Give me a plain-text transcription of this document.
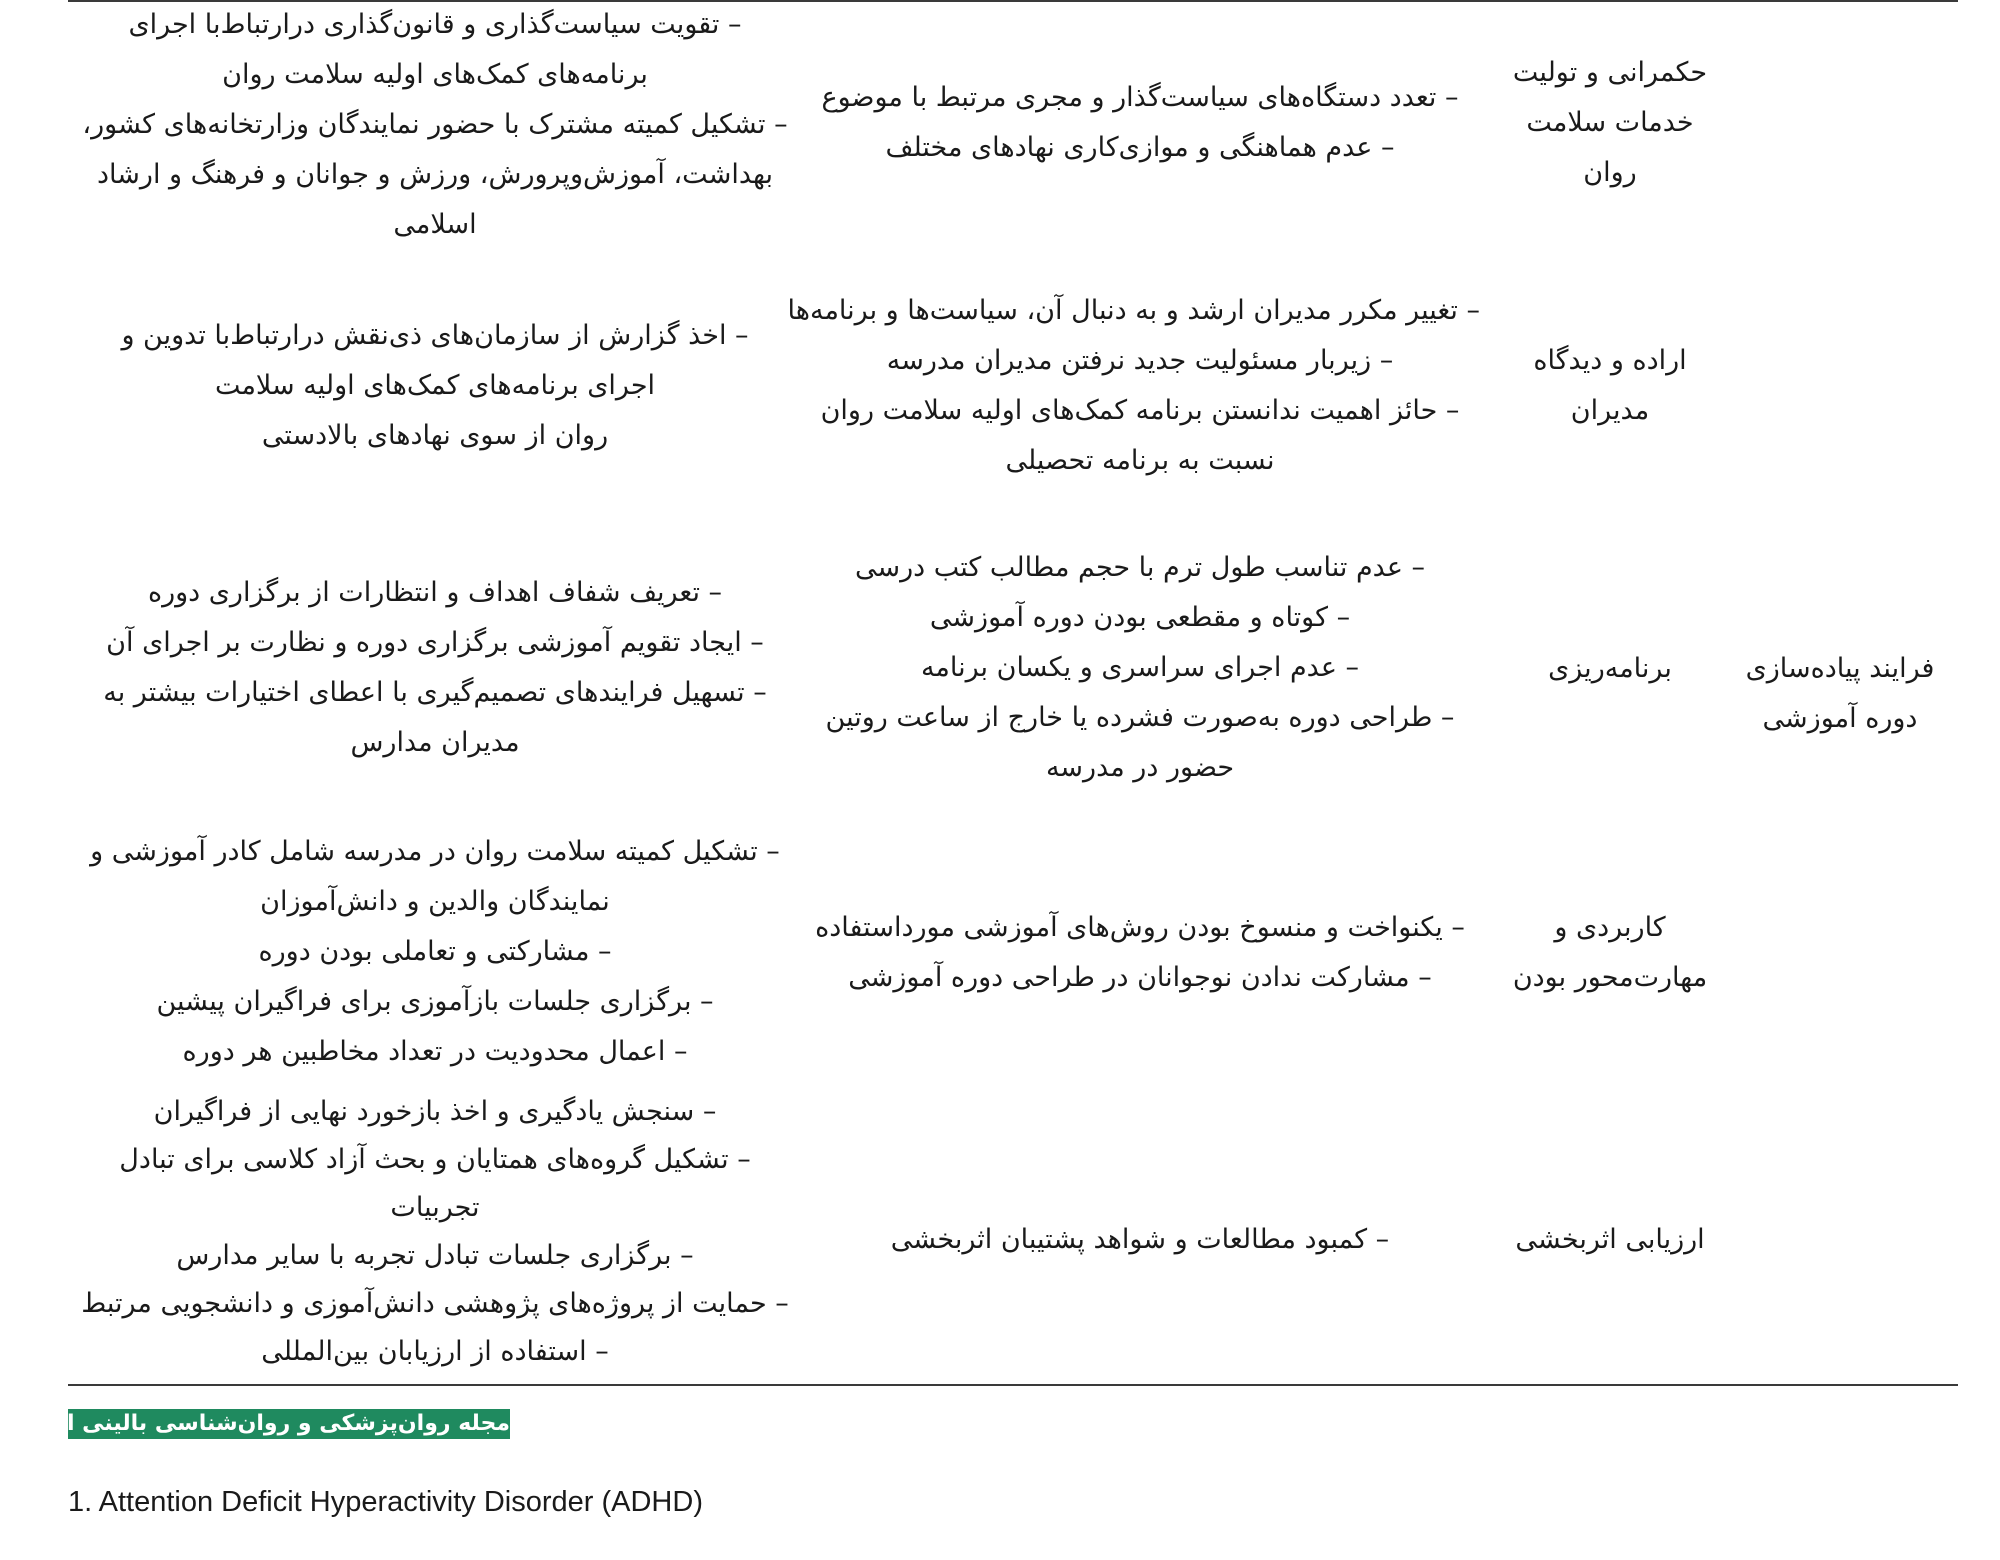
حکمرانی و تولیت
خدمات سلامت
روان
– تعدد دستگاه‌های سیاست‌گذار و مجری مرتبط با موضوع
– عدم هماهنگی و موازی‌کاری نهادهای مختلف
– تقویت سیاست‌گذاری و قانون‌گذاری درارتباط‌با اجرای
برنامه‌های کمک‌های اولیه سلامت روان
– تشکیل کمیته مشترک با حضور نمایندگان وزارتخانه‌های کشور،
بهداشت، آموزش‌وپرورش، ورزش و جوانان و فرهنگ و ارشاد
اسلامی
اراده و دیدگاه
مدیران
– تغییر مکرر مدیران ارشد و به دنبال آن، سیاست‌ها و برنامه‌ها
– زیربار مسئولیت جدید نرفتن مدیران مدرسه
– حائز اهمیت ندانستن برنامه کمک‌های اولیه سلامت روان
نسبت به برنامه تحصیلی
– اخذ گزارش از سازمان‌های ذی‌نقش درارتباط‌با تدوین و
اجرای برنامه‌های کمک‌های اولیه سلامت
روان از سوی نهادهای بالادستی
فرایند پیاده‌سازی
دوره آموزشی
برنامه‌ریزی
– عدم تناسب طول ترم با حجم مطالب کتب درسی
– کوتاه و مقطعی بودن دوره آموزشی
– عدم اجرای سراسری و یکسان برنامه
– طراحی دوره به‌صورت فشرده یا خارج از ساعت روتین
حضور در مدرسه
– تعریف شفاف اهداف و انتظارات از برگزاری دوره
– ایجاد تقویم آموزشی برگزاری دوره و نظارت بر اجرای آن
– تسهیل فرایندهای تصمیم‌گیری با اعطای اختیارات بیشتر به
مدیران مدارس
کاربردی و
مهارت‌محور بودن
– یکنواخت و منسوخ بودن روش‌های آموزشی مورداستفاده
– مشارکت ندادن نوجوانان در طراحی دوره آموزشی
– تشکیل کمیته سلامت روان در مدرسه شامل کادر آموزشی و
نمایندگان والدین و دانش‌آموزان
– مشارکتی و تعاملی بودن دوره
– برگزاری جلسات بازآموزی برای فراگیران پیشین
– اعمال محدودیت در تعداد مخاطبین هر دوره
ارزیابی اثربخشی
– کمبود مطالعات و شواهد پشتیبان اثربخشی
– سنجش یادگیری و اخذ بازخورد نهایی از فراگیران
– تشکیل گروه‌های همتایان و بحث آزاد کلاسی برای تبادل
تجربیات
– برگزاری جلسات تبادل تجربه با سایر مدارس
– حمایت از پروژه‌های پژوهشی دانش‌آموزی و دانشجویی مرتبط
– استفاده از ارزیابان بین‌المللی
مجله روان‌پزشکی و روان‌شناسی بالینی ایران
1. Attention Deficit Hyperactivity Disorder (ADHD)
